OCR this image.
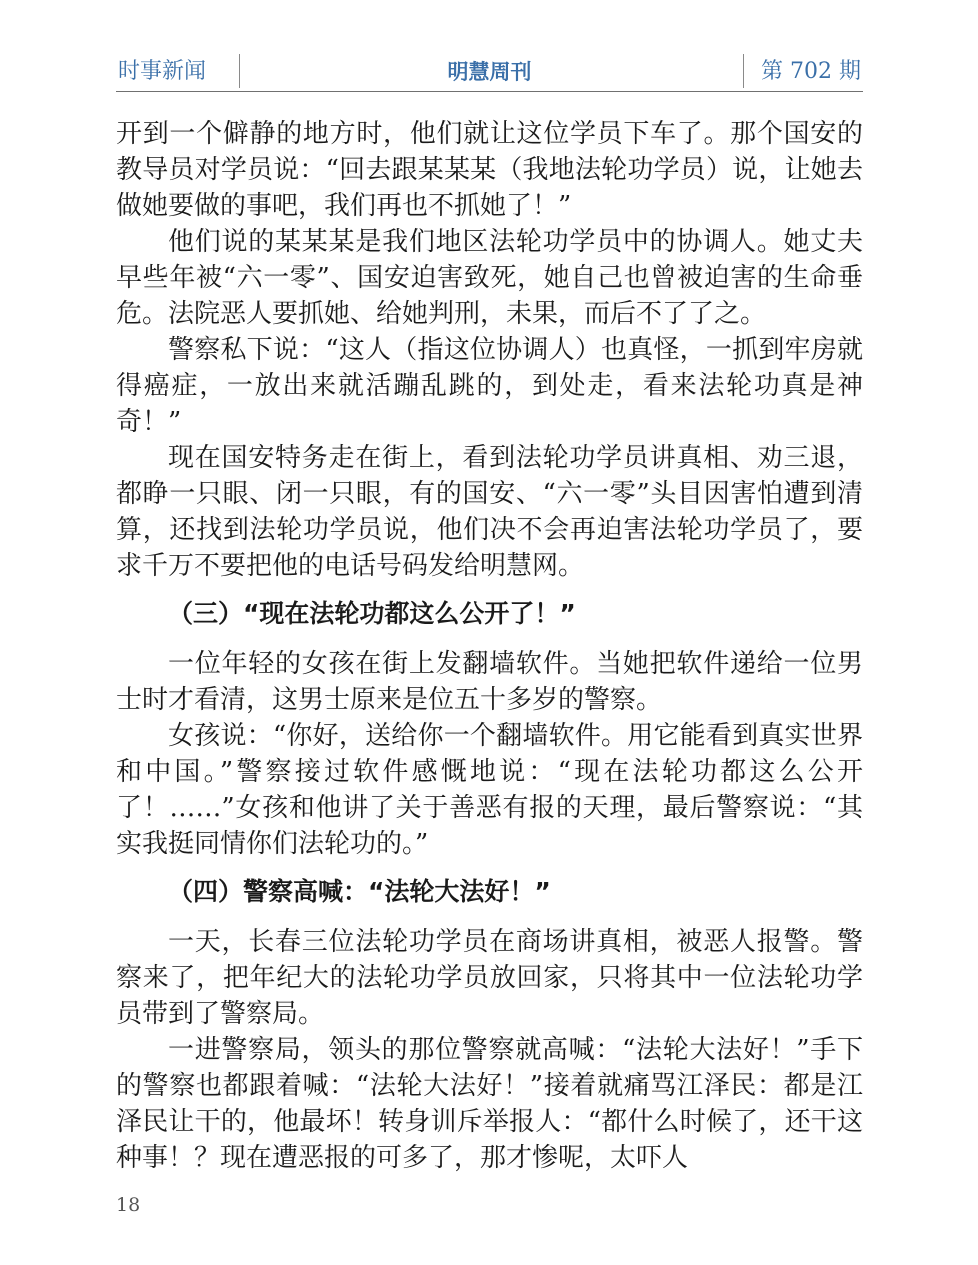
时事新闻	明慧周刊	第 702 期

开到一个僻静的地方时，他们就让这位学员下车了。那个国安的教导员对学员说：“回去跟某某某（我地法轮功学员）说，让她去做她要做的事吧，我们再也不抓她了！”

他们说的某某某是我们地区法轮功学员中的协调人。她丈夫早些年被“六一零”、国安迫害致死，她自己也曾被迫害的生命垂危。法院恶人要抓她、给她判刑，未果，而后不了了之。

警察私下说：“这人（指这位协调人）也真怪，一抓到牢房就得癌症，一放出来就活蹦乱跳的，到处走，看来法轮功真是神奇！”

现在国安特务走在街上，看到法轮功学员讲真相、劝三退，都睁一只眼、闭一只眼，有的国安、“六一零”头目因害怕遭到清算，还找到法轮功学员说，他们决不会再迫害法轮功学员了，要求千万不要把他的电话号码发给明慧网。

（三）“现在法轮功都这么公开了！”

一位年轻的女孩在街上发翻墙软件。当她把软件递给一位男士时才看清，这男士原来是位五十多岁的警察。

女孩说：“你好，送给你一个翻墙软件。用它能看到真实世界和中国。”警察接过软件感慨地说：“现在法轮功都这么公开了！……”女孩和他讲了关于善恶有报的天理，最后警察说：“其实我挺同情你们法轮功的。”

（四）警察高喊：“法轮大法好！”

一天，长春三位法轮功学员在商场讲真相，被恶人报警。警察来了，把年纪大的法轮功学员放回家，只将其中一位法轮功学员带到了警察局。

一进警察局，领头的那位警察就高喊：“法轮大法好！”手下的警察也都跟着喊：“法轮大法好！”接着就痛骂江泽民：都是江泽民让干的，他最坏！转身训斥举报人：“都什么时候了，还干这种事！？现在遭恶报的可多了，那才惨呢，太吓人

18
